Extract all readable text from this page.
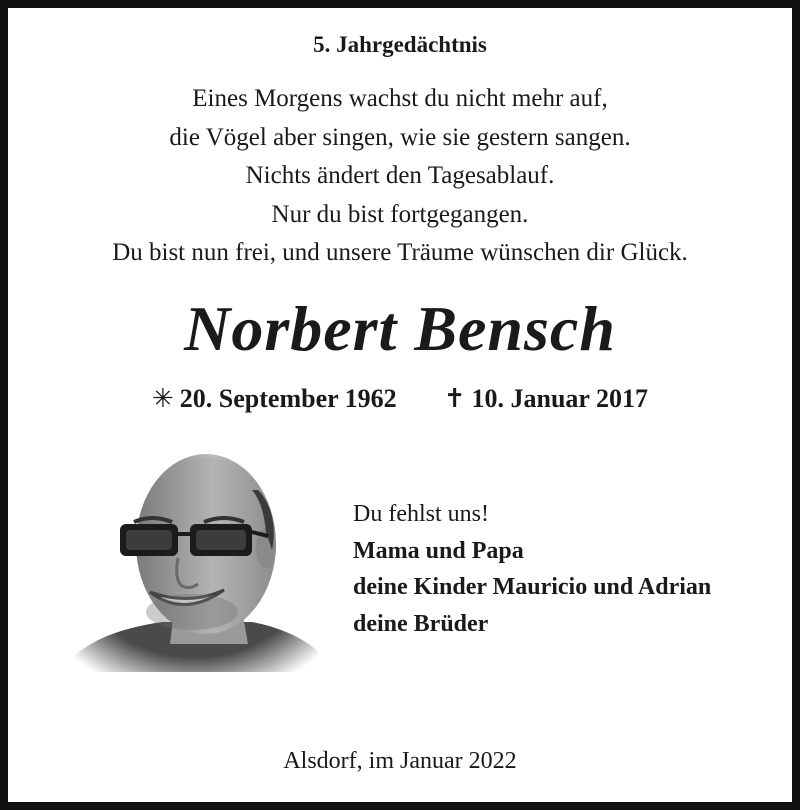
5. Jahrgedächtnis
Eines Morgens wachst du nicht mehr auf,
die Vögel aber singen, wie sie gestern sangen.
Nichts ändert den Tagesablauf.
Nur du bist fortgegangen.
Du bist nun frei, und unsere Träume wünschen dir Glück.
Norbert Bensch
✳ 20. September 1962 ✝ 10. Januar 2017
Du fehlst uns!
Mama und Papa
deine Kinder Mauricio und Adrian
deine Brüder
Alsdorf, im Januar 2022
